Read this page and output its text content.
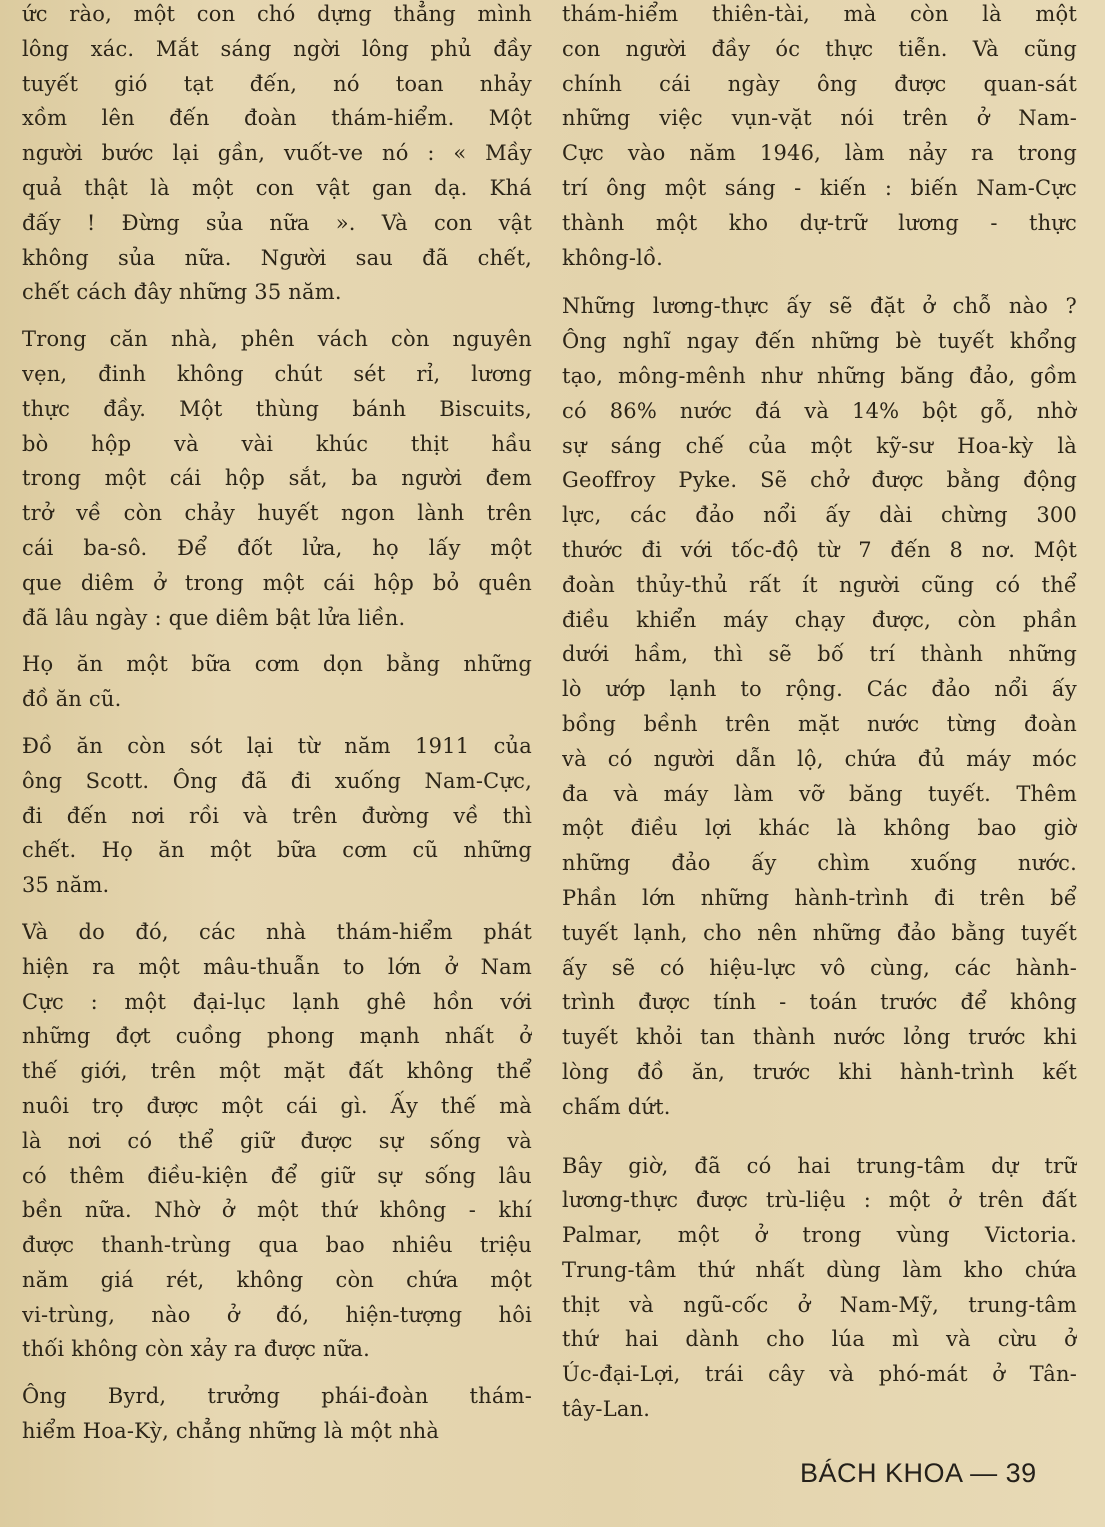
ức rào, một con chó dựng thẳng mình
lông xác. Mắt sáng ngời lông phủ đầy
tuyết gió tạt đến, nó toan nhảy
xồm lên đến đoàn thám-hiểm. Một
người bước lại gần, vuốt-ve nó : « Mầy
quả thật là một con vật gan dạ. Khá
đấy ! Đừng sủa nữa ». Và con vật
không sủa nữa. Người sau đã chết,
chết cách đây những 35 năm.
Trong căn nhà, phên vách còn nguyên
vẹn, đinh không chút sét rỉ, lương
thực đầy. Một thùng bánh Biscuits,
bò hộp và vài khúc thịt hầu
trong một cái hộp sắt, ba người đem
trở về còn chảy huyết ngon lành trên
cái ba-sô. Để đốt lửa, họ lấy một
que diêm ở trong một cái hộp bỏ quên
đã lâu ngày : que diêm bật lửa liền.
Họ ăn một bữa cơm dọn bằng những
đồ ăn cũ.
Đồ ăn còn sót lại từ năm 1911 của
ông Scott. Ông đã đi xuống Nam-Cực,
đi đến nơi rồi và trên đường về thì
chết. Họ ăn một bữa cơm cũ những
35 năm.
Và do đó, các nhà thám-hiểm phát
hiện ra một mâu-thuẫn to lớn ở Nam
Cực : một đại-lục lạnh ghê hồn với
những đợt cuồng phong mạnh nhất ở
thế giới, trên một mặt đất không thể
nuôi trọ được một cái gì. Ấy thế mà
là nơi có thể giữ được sự sống và
có thêm điều-kiện để giữ sự sống lâu
bền nữa. Nhờ ở một thứ không - khí
được thanh-trùng qua bao nhiêu triệu
năm giá rét, không còn chứa một
vi-trùng, nào ở đó, hiện-tượng hôi
thối không còn xảy ra được nữa.
Ông Byrd, trưởng phái-đoàn thám-
hiểm Hoa-Kỳ, chẳng những là một nhà
thám-hiểm thiên-tài, mà còn là một
con người đầy óc thực tiễn. Và cũng
chính cái ngày ông được quan-sát
những việc vụn-vặt nói trên ở Nam-
Cực vào năm 1946, làm nảy ra trong
trí ông một sáng - kiến : biến Nam-Cực
thành một kho dự-trữ lương - thực
không-lồ.
Những lương-thực ấy sẽ đặt ở chỗ nào ?
Ông nghĩ ngay đến những bè tuyết khổng
tạo, mông-mênh như những băng đảo, gồm
có 86% nước đá và 14% bột gỗ, nhờ
sự sáng chế của một kỹ-sư Hoa-kỳ là
Geoffroy Pyke. Sẽ chở được bằng động
lực, các đảo nổi ấy dài chừng 300
thước đi với tốc-độ từ 7 đến 8 nơ. Một
đoàn thủy-thủ rất ít người cũng có thể
điều khiển máy chạy được, còn phần
dưới hầm, thì sẽ bố trí thành những
lò ướp lạnh to rộng. Các đảo nổi ấy
bồng bềnh trên mặt nước từng đoàn
và có người dẫn lộ, chứa đủ máy móc
đa và máy làm vỡ băng tuyết. Thêm
một điều lợi khác là không bao giờ
những đảo ấy chìm xuống nước.
Phần lớn những hành-trình đi trên bể
tuyết lạnh, cho nên những đảo bằng tuyết
ấy sẽ có hiệu-lực vô cùng, các hành-
trình được tính - toán trước để không
tuyết khỏi tan thành nước lỏng trước khi
lòng đồ ăn, trước khi hành-trình kết
chấm dứt.
Bây giờ, đã có hai trung-tâm dự trữ
lương-thực được trù-liệu : một ở trên đất
Palmar, một ở trong vùng Victoria.
Trung-tâm thứ nhất dùng làm kho chứa
thịt và ngũ-cốc ở Nam-Mỹ, trung-tâm
thứ hai dành cho lúa mì và cừu ở
Úc-đại-Lợi, trái cây và phó-mát ở Tân-
tây-Lan.
BÁCH KHOA — 39
